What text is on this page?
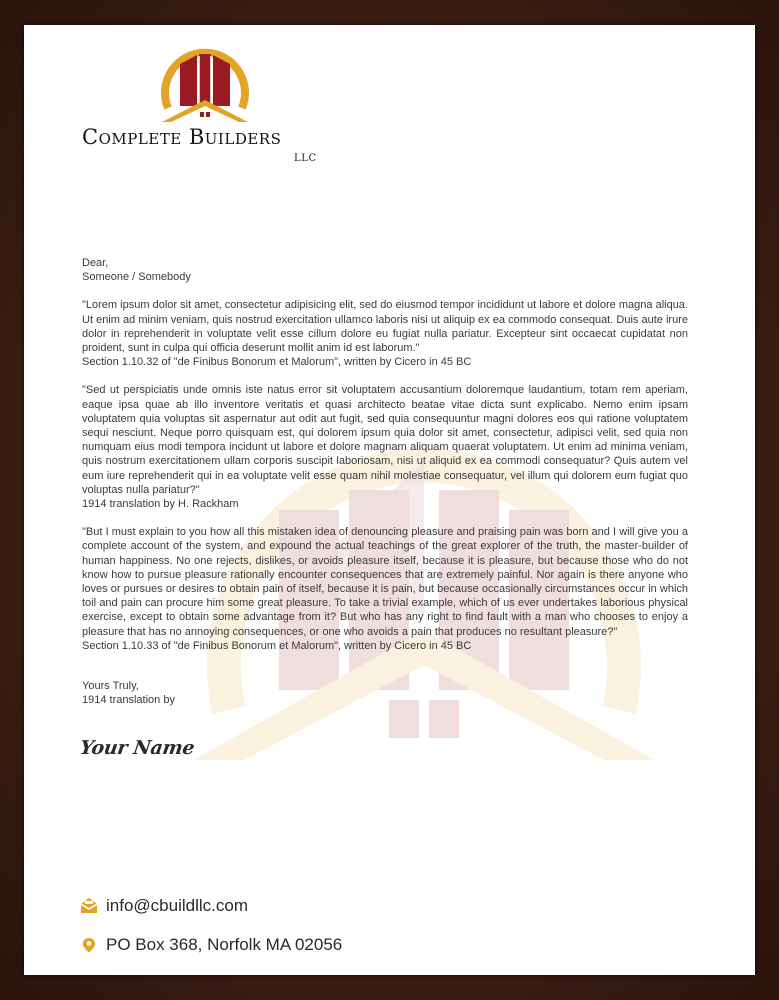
Complete Builders
LLC

Dear,

Someone / Somebody

"Lorem ipsum dolor sit amet, consectetur adipisicing elit, sed do eiusmod tempor incididunt ut labore et dolore magna aliqua. Ut enim ad minim veniam, quis nostrud exercitation ullamco laboris nisi ut aliquip ex ea commodo consequat. Duis aute irure dolor in reprehenderit in voluptate velit esse cillum dolore eu fugiat nulla pariatur. Excepteur sint occaecat cupidatat non proident, sunt in culpa qui officia deserunt mollit anim id est laborum."

Section 1.10.32 of "de Finibus Bonorum et Malorum", written by Cicero in 45 BC

"Sed ut perspiciatis unde omnis iste natus error sit voluptatem accusantium doloremque laudantium, totam rem aperiam, eaque ipsa quae ab illo inventore veritatis et quasi architecto beatae vitae dicta sunt explicabo. Nemo enim ipsam voluptatem quia voluptas sit aspernatur aut odit aut fugit, sed quia consequuntur magni dolores eos qui ratione voluptatem sequi nesciunt. Neque porro quisquam est, qui dolorem ipsum quia dolor sit amet, consectetur, adipisci velit, sed quia non numquam eius modi tempora incidunt ut labore et dolore magnam aliquam quaerat voluptatem. Ut enim ad minima veniam, quis nostrum exercitationem ullam corporis suscipit laboriosam, nisi ut aliquid ex ea commodi consequatur? Quis autem vel eum iure reprehenderit qui in ea voluptate velit esse quam nihil molestiae consequatur, vel illum qui dolorem eum fugiat quo voluptas nulla pariatur?"

1914 translation by H. Rackham

"But I must explain to you how all this mistaken idea of denouncing pleasure and praising pain was born and I will give you a complete account of the system, and expound the actual teachings of the great explorer of the truth, the master-builder of human happiness. No one rejects, dislikes, or avoids pleasure itself, because it is pleasure, but because those who do not know how to pursue pleasure rationally encounter consequences that are extremely painful. Nor again is there anyone who loves or pursues or desires to obtain pain of itself, because it is pain, but because occasionally circumstances occur in which toil and pain can procure him some great pleasure. To take a trivial example, which of us ever undertakes laborious physical exercise, except to obtain some advantage from it? But who has any right to find fault with a man who chooses to enjoy a pleasure that has no annoying consequences, or one who avoids a pain that produces no resultant pleasure?"

Section 1.10.33 of "de Finibus Bonorum et Malorum", written by Cicero in 45 BC

Yours Truly,

1914 translation by

Your Name
info@cbuildllc.com
PO Box 368, Norfolk MA 02056
